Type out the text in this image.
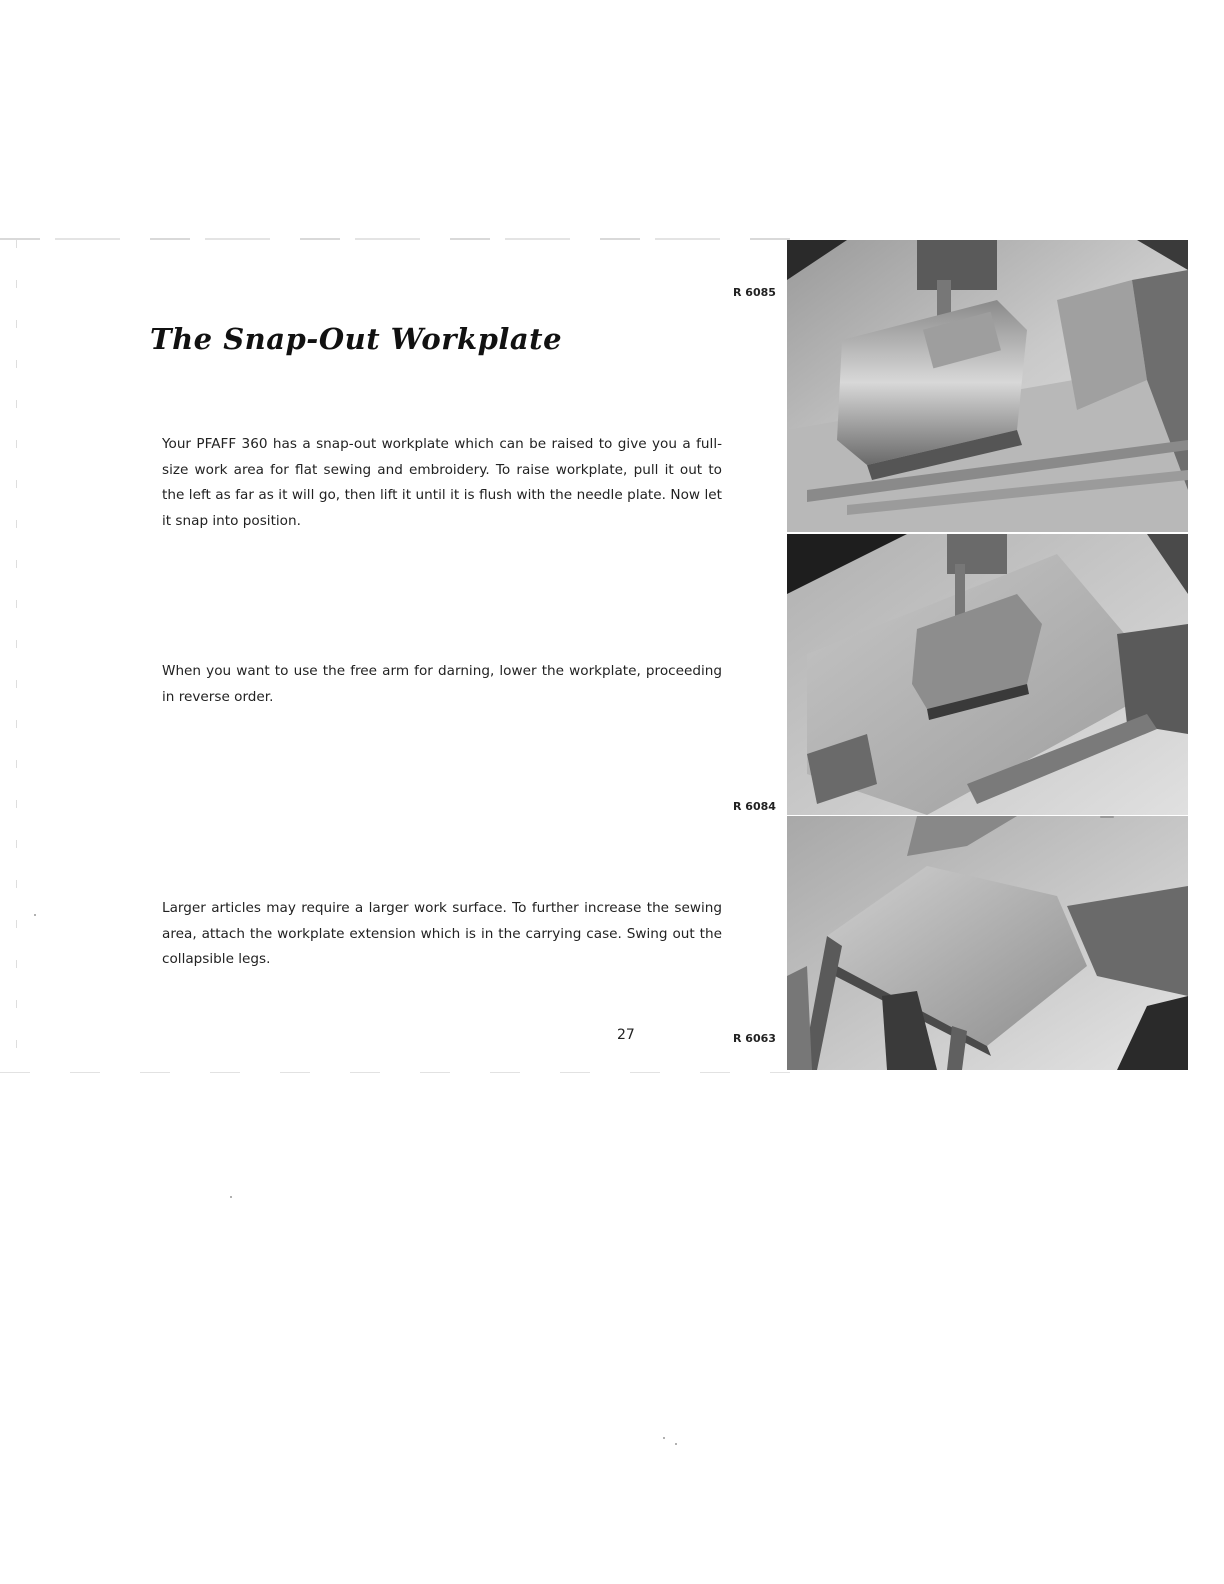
The Snap-Out Workplate

Your PFAFF 360 has a snap-out workplate which can be raised to give you a full-size work area for flat sewing and embroidery. To raise workplate, pull it out to the left as far as it will go, then lift it until it is flush with the needle plate. Now let it snap into position.

When you want to use the free arm for darning, lower the workplate, proceeding in reverse order.

Larger articles may require a larger work surface. To further increase the sewing area, attach the workplate extension which is in the carrying case. Swing out the collapsible legs.

27
R 6085
R 6084
R 6063
